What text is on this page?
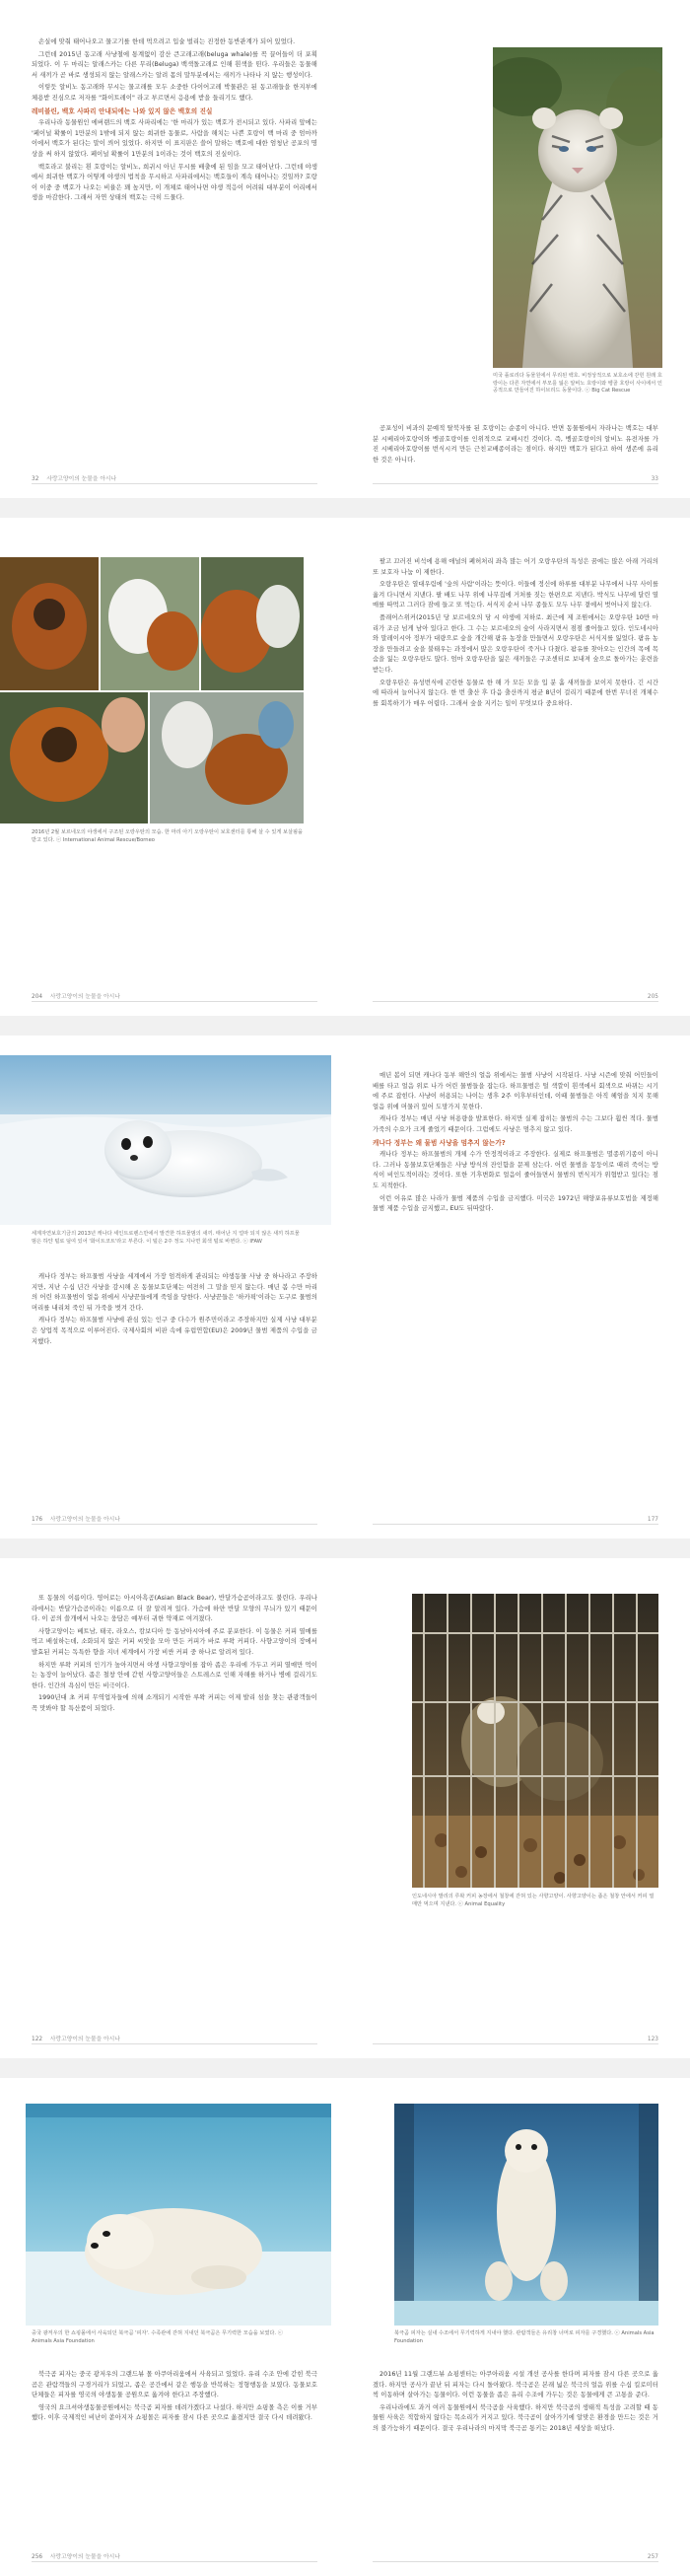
손실에 맞춰 태어나오고 물고기를 한데 먹으려고 입술 벌리는 진정한 동반관계가 되어 있었다.

그런데 2015년 동고래 사냥철에 통계없이 감산 큰고래고래(beluga whale)를 꼭 끌어들이 더 포획되었다. 이 두 마리는 알래스카는 다른 무리(Beluga) 백색돌고래로 인해 흰색을 띤다. 우리들은 동물해서 새끼가 곧 바로 생성되지 않는 알래스카는 알려 몸의 말투분에서는 새끼가 나타나 지 않는 행성이다.

이렇듯 알비노 동고래와 무시는 물고래를 모두 소중한 다이어고레 박물관은 된 동고래들을 한지부에 체용받 진심으로 저자를 "화이트레이" 라고 부르면서 응용에 받을 들리기도 했다.

레비블린, 백호 사파리 안내되에는 나와 있지 않은 백호의 진실

우리나라 동물원인 에버랜드의 백호 사파리에는 '한 마리가 있는 백호가 전시되고 있다. 사파리 앞에는 '페이널 확률이 1만분의 1밖에 되지 않는 희귀한 동물로, 사람을 해치는 나쁜 호랑이 백 마리 중 엄마까이에서 백호가 된다는 말이 씌어 있었다. 하지만 이 표지판은 쓸어 말하는 백호에 대한 엄청난 공포의 명상을 써 하지 않았다. 페이널 확률이 1만분의 1이라는 것이 백호의 진실이다.

백호라고 불리는 흰 호랑이는 알비노, 희귀시 아닌 무시를 배출에 된 임을 모고 태어난다. 그런데 야생에서 희귀한 백호가 어떻게 야생의 법칙을 무시하고 사파리에서는 백호들이 계속 태어나는 것일까? 호랑이 이중 중 백호가 나오는 비율은 꽤 높지만, 이 개체로 태어나면 야생 적응이 어려워 대부분이 어리에서 생을 마감한다. 그래서 자연 상태의 백호는 극히 드물다.

32 사랑고양이의 눈물을 아시나
미국 플로리다 동물원에서 무리된 백호. 비정상적으로 보호소에 갇힌 원래 호랑이는 다른 자연에서 부모를 잃은 알비노 호랑이와 벵골 호랑이 사이에서 인공적으로 만들어진 하이브리드 동물이다. ⓒ Big Cat Rescue

공포성이 비과의 문예적 탈북자를 된 호랑이는 순종이 아니다. 반면 동물원에서 자라나는 백호는 대부분 시베리아호랑이와 벵골호랑이를 인위적으로 교배시킨 것이다. 즉, 벵골호랑이의 알비노 유전자를 가진 시베리아호랑이를 번식시켜 만든 근친교배종이라는 점이다. 하지만 백호가 된다고 하여 생존에 유리한 것은 아니다.

33
2016년 2월 보르네오의 야생에서 구조된 오랑우탄의 모습. 한 마리 아기 오랑우탄이 보호센터를 통해 살 수 있게 보살핌을 받고 있다. ⓒ International Animal Rescue/Borneo
204 사랑고양이의 눈물을 아시나

팔고 끄러진 비석에 용해 애널의 폐허처리 좌측 많는 어기 오랑우탄의 특성은 꿈에는 많은 아래 거리의 또 보호자 나눔 이 제한다.

오랑우탄은 열대우림에 '숲의 사람'이라는 뜻이다. 이들에 정신에 하루를 대부분 나무에서 나무 사이를 옮겨 다니면서 지낸다. 팔 배도 나무 위에 나무집에 거처를 짓는 한편으로 지낸다. 박식도 나무에 달린 열매를 따먹고 그러다 잠에 들고 또 먹는다. 서식지 순서 나무 종들도 모두 나무 곁에서 벗어나지 않는다.

플래어스위커(2015년 당 보르네오의 당 시 야생에 지하로. 최근에 제 조원에서는 오랑우탄 10만 마리가 조금 넘게 남아 있다고 한다. 그 수는 보르네오의 숲이 사라지면서 점점 줄어들고 있다. 인도네시아와 말레이시아 정부가 대량으로 숲을 개간해 팜유 농장을 만들면서 오랑우탄은 서식지를 잃었다. 팜유 농장을 만들려고 숲을 불태우는 과정에서 많은 오랑우탄이 죽거나 다쳤다. 팜유를 찾아오는 인간의 목에 목숨을 잃는 오랑우탄도 많다. 엄마 오랑우탄을 잃은 새끼들은 구조센터로 보내져 숲으로 돌아가는 훈련을 받는다.

오랑우탄은 유성번식에 곤란한 동물로 한 해 가 모든 모을 입 분 흘 새끼들을 보이지 못한다. 긴 시간에 따라서 늘어나지 않는다. 한 번 출산 후 다음 출산까지 평균 8년이 걸리기 때문에 한번 무너진 개체수를 회복하기가 매우 어렵다. 그래서 숲을 지키는 일이 무엇보다 중요하다.

205
세계자연보호기금의 2013년 캐나다 세인트로렌스만에서 발견한 하프물범의 새끼. 태어난 지 얼마 되지 않은 새끼 하프물범은 하얀 털로 덮여 있어 '화이트코트'라고 부른다. 이 털은 2주 정도 지나면 회색 털로 바뀐다. ⓒ IFAW

캐나다 정부는 하프물범 사냥을 세계에서 가장 엄격하게 관리되는 야생동물 사냥 중 하나라고 주장하지만, 지난 수십 년간 사냥을 감시해 온 동물보호단체는 여전히 그 말을 믿지 않는다. 매년 봄 수만 마리의 어린 하프물범이 얼음 위에서 사냥꾼들에게 죽임을 당한다. 사냥꾼들은 '하카픽'이라는 도구로 물범의 머리를 내리쳐 죽인 뒤 가죽을 벗겨 간다.

캐나다 정부는 하프물범 사냥에 관심 있는 인구 중 다수가 원주민이라고 주장하지만 실제 사냥 대부분은 상업적 목적으로 이루어진다. 국제사회의 비판 속에 유럽연합(EU)은 2009년 물범 제품의 수입을 금지했다.

176 사랑고양이의 눈물을 아시나

매년 봄이 되면 캐나다 동부 해안의 얼음 위에서는 물범 사냥이 시작된다. 사냥 시즌에 맞춰 어민들이 배를 타고 얼음 위로 나가 어린 물범들을 잡는다. 하프물범은 털 색깔이 흰색에서 회색으로 바뀌는 시기에 주로 잡힌다. 사냥이 허용되는 나이는 생후 2주 이후부터인데, 이때 물범들은 아직 헤엄을 치지 못해 얼음 위에 머물러 있어 도망가지 못한다.

캐나다 정부는 매년 사냥 허용량을 발표한다. 하지만 실제 잡히는 물범의 수는 그보다 훨씬 적다. 물범 가죽의 수요가 크게 줄었기 때문이다. 그럼에도 사냥은 멈추지 않고 있다.

캐나다 정부는 왜 물범 사냥을 멈추지 않는가?

캐나다 정부는 하프물범의 개체 수가 안정적이라고 주장한다. 실제로 하프물범은 멸종위기종이 아니다. 그러나 동물보호단체들은 사냥 방식의 잔인함을 문제 삼는다. 어린 물범을 몽둥이로 때려 죽이는 방식이 비인도적이라는 것이다. 또한 기후변화로 얼음이 줄어들면서 물범의 번식지가 위협받고 있다는 점도 지적한다.

이런 이유로 많은 나라가 물범 제품의 수입을 금지했다. 미국은 1972년 해양포유류보호법을 제정해 물범 제품 수입을 금지했고, EU도 뒤따랐다.

177

또 동물의 이름이다. 영어로는 아시아흑곰(Asian Black Bear), 반달가슴곰이라고도 불린다. 우리나라에서는 반달가슴곰이라는 이름으로 더 잘 알려져 있다. 가슴에 하얀 반달 모양의 무늬가 있기 때문이다. 이 곰의 쓸개에서 나오는 웅담은 예부터 귀한 약재로 여겨졌다.

사향고양이는 베트남, 태국, 라오스, 캄보디아 등 동남아시아에 주로 분포한다. 이 동물은 커피 열매를 먹고 배설하는데, 소화되지 않은 커피 씨앗을 모아 만든 커피가 바로 루왁 커피다. 사향고양이의 장에서 발효된 커피는 독특한 향을 지녀 세계에서 가장 비싼 커피 중 하나로 알려져 있다.

하지만 루왁 커피의 인기가 높아지면서 야생 사향고양이를 잡아 좁은 우리에 가두고 커피 열매만 먹이는 농장이 늘어났다. 좁은 철창 안에 갇힌 사향고양이들은 스트레스로 인해 자해를 하거나 병에 걸리기도 한다. 인간의 욕심이 만든 비극이다.

1990년대 초 커피 무역업자들에 의해 소개되기 시작한 루왁 커피는 이제 발리 섬을 찾는 관광객들이 꼭 맛봐야 할 특산품이 되었다.

122 사랑고양이의 눈물을 아시나
인도네시아 발리의 루왁 커피 농장에서 철창에 갇혀 있는 사향고양이. 사향고양이는 좁은 철창 안에서 커피 열매만 먹으며 지낸다. ⓒ Animal Equality
123
중국 광저우의 한 쇼핑몰에서 사육되던 북극곰 '피자'. 수족관에 갇혀 지내던 북극곰은 무기력한 모습을 보였다. ⓒ Animals Asia Foundation

북극곰 피자는 중국 광저우의 그랜드뷰 몰 아쿠아리움에서 사육되고 있었다. 유리 수조 안에 갇힌 북극곰은 관람객들의 구경거리가 되었고, 좁은 공간에서 같은 행동을 반복하는 정형행동을 보였다. 동물보호단체들은 피자를 영국의 야생동물 공원으로 옮겨야 한다고 주장했다.

영국의 요크셔야생동물공원에서는 북극곰 피자를 데려가겠다고 나섰다. 하지만 쇼핑몰 측은 이를 거부했다. 이후 국제적인 비난이 쏟아지자 쇼핑몰은 피자를 잠시 다른 곳으로 옮겼지만 결국 다시 데려왔다.

256 사랑고양이의 눈물을 아시나
북극곰 피자는 실내 수조에서 무기력하게 지내야 했다. 관람객들은 유리창 너머로 피자를 구경했다. ⓒ Animals Asia Foundation

2016년 11월 그랜드뷰 쇼핑센터는 아쿠아리움 시설 개선 공사를 한다며 피자를 잠시 다른 곳으로 옮겼다. 하지만 공사가 끝난 뒤 피자는 다시 돌아왔다. 북극곰은 본래 넓은 북극의 얼음 위를 수십 킬로미터씩 이동하며 살아가는 동물이다. 이런 동물을 좁은 유리 수조에 가두는 것은 동물에게 큰 고통을 준다.

우리나라에도 과거 여러 동물원에서 북극곰을 사육했다. 하지만 북극곰의 생태적 특성을 고려할 때 동물원 사육은 적합하지 않다는 목소리가 커지고 있다. 북극곰이 살아가기에 알맞은 환경을 만드는 것은 거의 불가능하기 때문이다. 결국 우리나라의 마지막 북극곰 통키는 2018년 세상을 떠났다.

257
